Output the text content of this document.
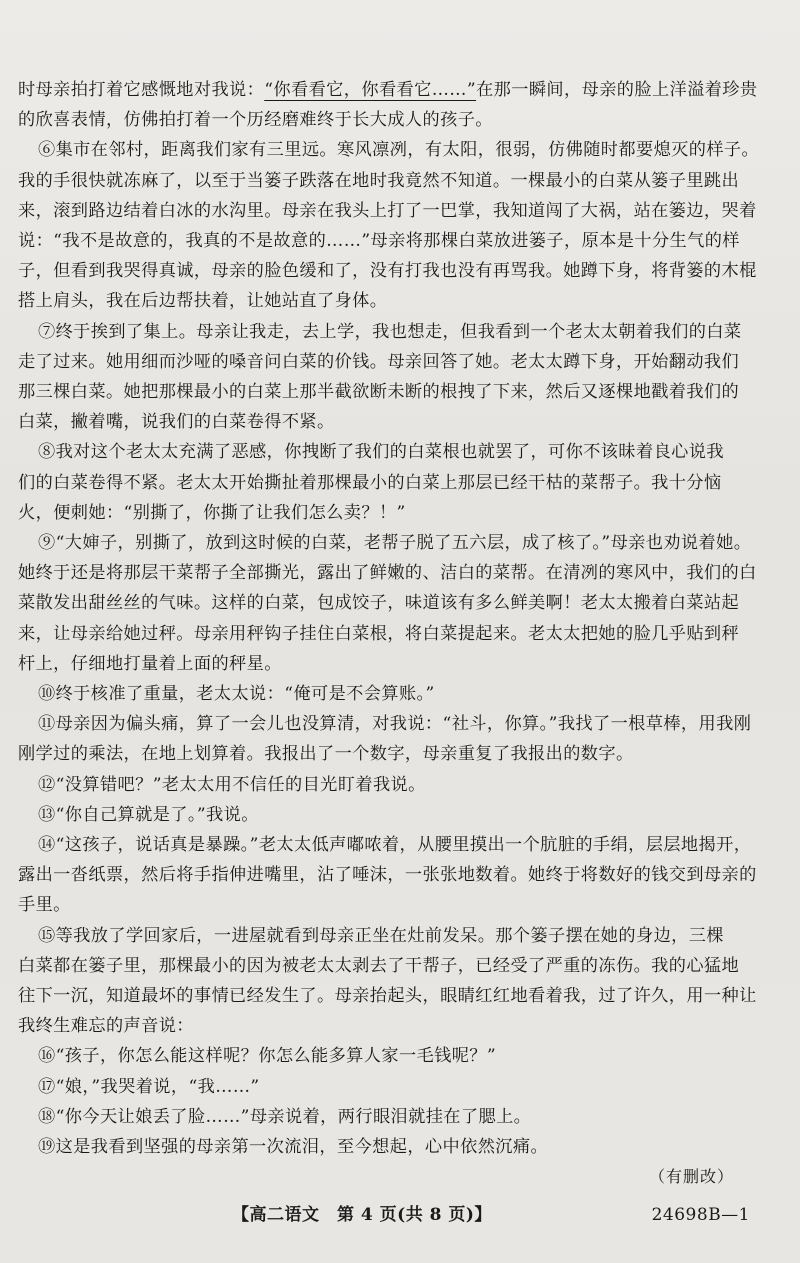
时母亲拍打着它感慨地对我说：“你看看它，你看看它……”在那一瞬间，母亲的脸上洋溢着珍贵
的欣喜表情，仿佛拍打着一个历经磨难终于长大成人的孩子。
⑥集市在邻村，距离我们家有三里远。寒风凛冽，有太阳，很弱，仿佛随时都要熄灭的样子。
我的手很快就冻麻了，以至于当篓子跌落在地时我竟然不知道。一棵最小的白菜从篓子里跳出
来，滚到路边结着白冰的水沟里。母亲在我头上打了一巴掌，我知道闯了大祸，站在篓边，哭着
说：“我不是故意的，我真的不是故意的……”母亲将那棵白菜放进篓子，原本是十分生气的样
子，但看到我哭得真诚，母亲的脸色缓和了，没有打我也没有再骂我。她蹲下身，将背篓的木棍
搭上肩头，我在后边帮扶着，让她站直了身体。
⑦终于挨到了集上。母亲让我走，去上学，我也想走，但我看到一个老太太朝着我们的白菜
走了过来。她用细而沙哑的嗓音问白菜的价钱。母亲回答了她。老太太蹲下身，开始翻动我们
那三棵白菜。她把那棵最小的白菜上那半截欲断未断的根拽了下来，然后又逐棵地戳着我们的
白菜，撇着嘴，说我们的白菜卷得不紧。
⑧我对这个老太太充满了恶感，你拽断了我们的白菜根也就罢了，可你不该昧着良心说我
们的白菜卷得不紧。老太太开始撕扯着那棵最小的白菜上那层已经干枯的菜帮子。我十分恼
火，便刺她：“别撕了，你撕了让我们怎么卖？！”
⑨“大婶子，别撕了，放到这时候的白菜，老帮子脱了五六层，成了核了。”母亲也劝说着她。
她终于还是将那层干菜帮子全部撕光，露出了鲜嫩的、洁白的菜帮。在清冽的寒风中，我们的白
菜散发出甜丝丝的气味。这样的白菜，包成饺子，味道该有多么鲜美啊！老太太搬着白菜站起
来，让母亲给她过秤。母亲用秤钩子挂住白菜根，将白菜提起来。老太太把她的脸几乎贴到秤
杆上，仔细地打量着上面的秤星。
⑩终于核准了重量，老太太说：“俺可是不会算账。”
⑪母亲因为偏头痛，算了一会儿也没算清，对我说：“社斗，你算。”我找了一根草棒，用我刚
刚学过的乘法，在地上划算着。我报出了一个数字，母亲重复了我报出的数字。
⑫“没算错吧？”老太太用不信任的目光盯着我说。
⑬“你自己算就是了。”我说。
⑭“这孩子，说话真是暴躁。”老太太低声嘟哝着，从腰里摸出一个肮脏的手绢，层层地揭开，
露出一沓纸票，然后将手指伸进嘴里，沾了唾沫，一张张地数着。她终于将数好的钱交到母亲的
手里。
⑮等我放了学回家后，一进屋就看到母亲正坐在灶前发呆。那个篓子摆在她的身边，三棵
白菜都在篓子里，那棵最小的因为被老太太剥去了干帮子，已经受了严重的冻伤。我的心猛地
往下一沉，知道最坏的事情已经发生了。母亲抬起头，眼睛红红地看着我，过了许久，用一种让
我终生难忘的声音说：
⑯“孩子，你怎么能这样呢？你怎么能多算人家一毛钱呢？”
⑰“娘，”我哭着说，“我……”
⑱“你今天让娘丢了脸……”母亲说着，两行眼泪就挂在了腮上。
⑲这是我看到坚强的母亲第一次流泪，至今想起，心中依然沉痛。
（有删改）
【高二语文　第 4 页(共 8 页)】	24698B—1
